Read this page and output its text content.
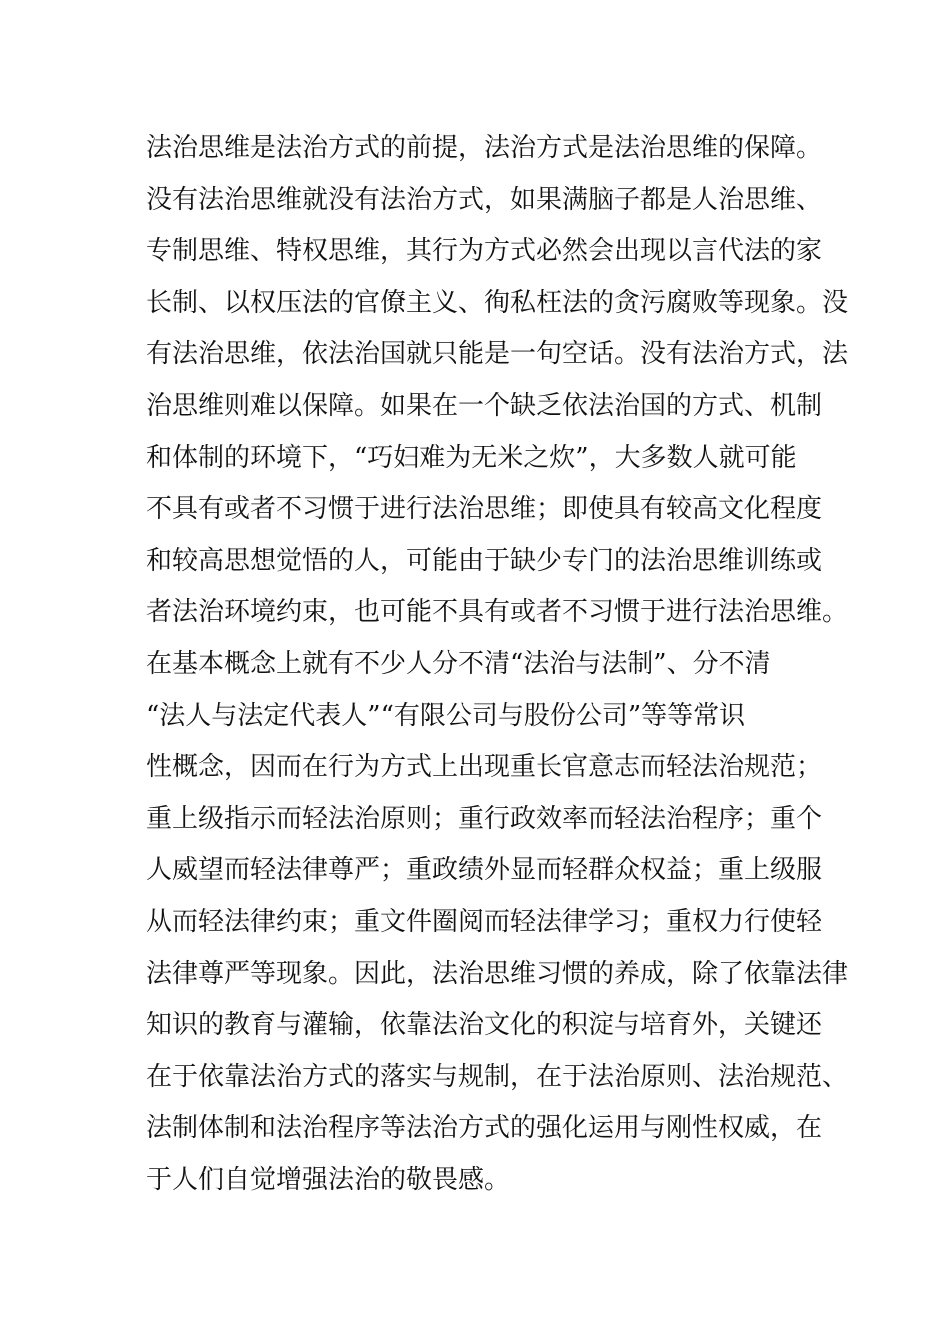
法治思维是法治方式的前提，法治方式是法治思维的保障。
没有法治思维就没有法治方式，如果满脑子都是人治思维、
专制思维、特权思维，其行为方式必然会出现以言代法的家
长制、以权压法的官僚主义、徇私枉法的贪污腐败等现象。没
有法治思维，依法治国就只能是一句空话。没有法治方式，法
治思维则难以保障。如果在一个缺乏依法治国的方式、机制
和体制的环境下，“巧妇难为无米之炊”，大多数人就可能
不具有或者不习惯于进行法治思维；即使具有较高文化程度
和较高思想觉悟的人，可能由于缺少专门的法治思维训练或
者法治环境约束，也可能不具有或者不习惯于进行法治思维。
在基本概念上就有不少人分不清“法治与法制”、分不清
“法人与法定代表人”“有限公司与股份公司”等等常识
性概念，因而在行为方式上出现重长官意志而轻法治规范；
重上级指示而轻法治原则；重行政效率而轻法治程序；重个
人威望而轻法律尊严；重政绩外显而轻群众权益；重上级服
从而轻法律约束；重文件圈阅而轻法律学习；重权力行使轻
法律尊严等现象。因此，法治思维习惯的养成，除了依靠法律
知识的教育与灌输，依靠法治文化的积淀与培育外，关键还
在于依靠法治方式的落实与规制，在于法治原则、法治规范、
法制体制和法治程序等法治方式的强化运用与刚性权威，在
于人们自觉增强法治的敬畏感。
